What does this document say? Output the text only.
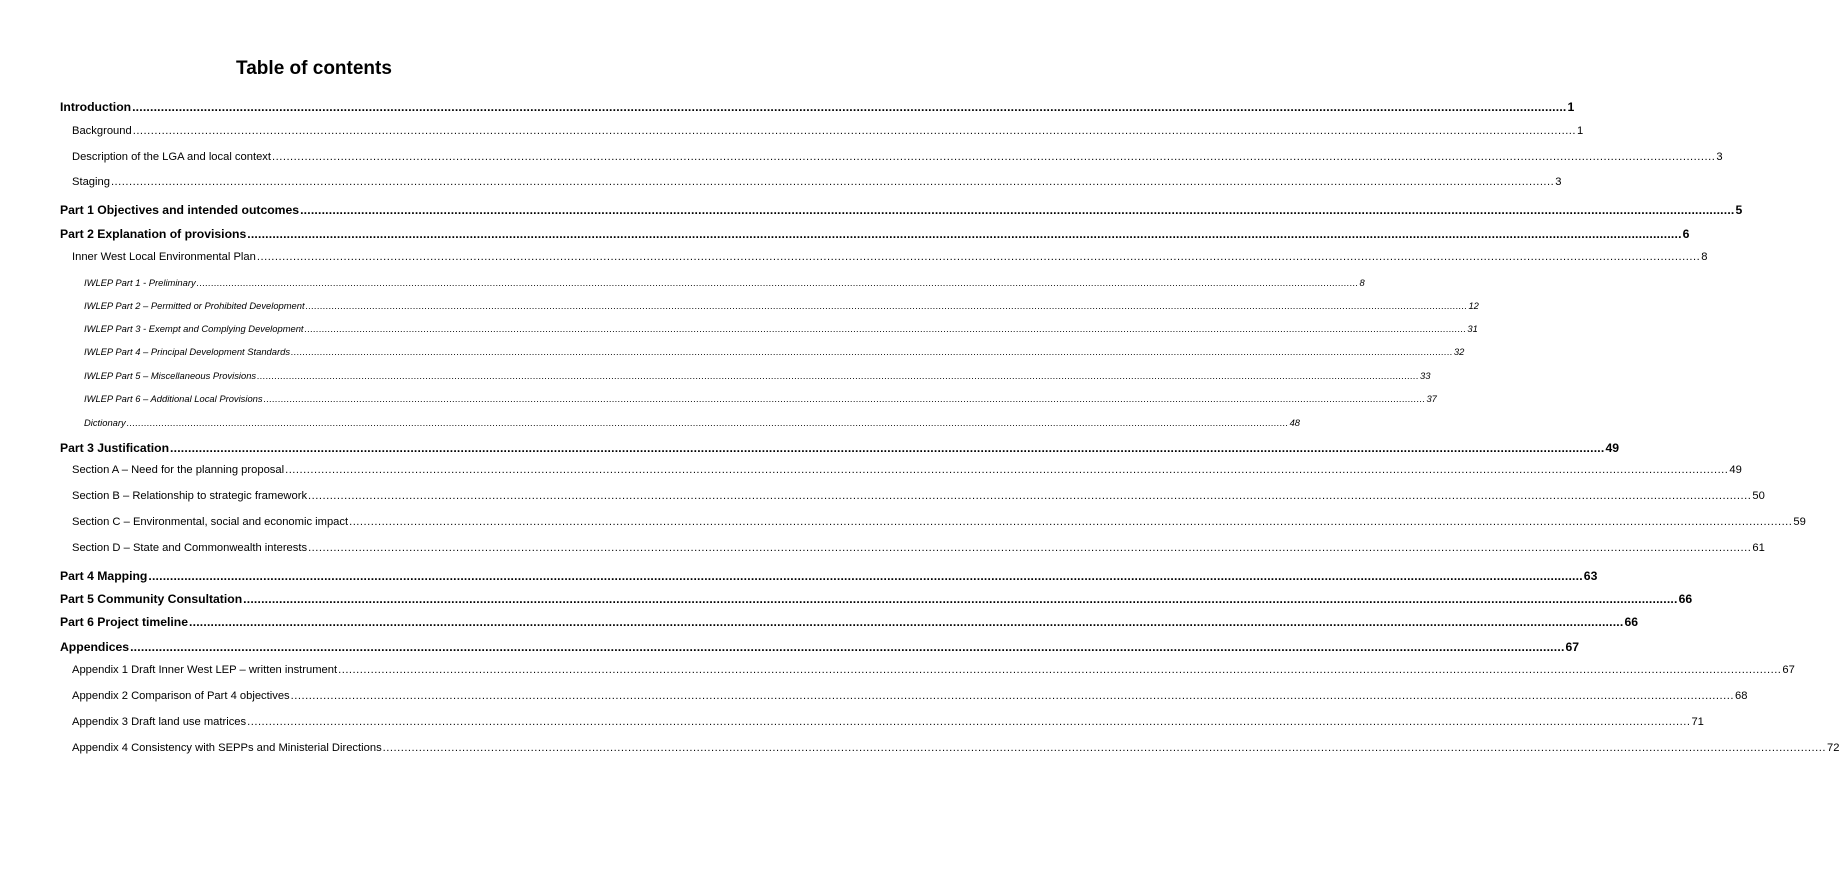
Table of contents
Introduction ................................................................................................................................................................................................................................................................................................................................................................................................................ 1
Background ................................................................................................................................................................................................................................................................................................................................................................................................................ 1
Description of the LGA and local context ................................................................................................................................................................................................................................................................................................................................................................................................................ 3
Staging ................................................................................................................................................................................................................................................................................................................................................................................................................ 3
Part 1 Objectives and intended outcomes ................................................................................................................................................................................................................................................................................................................................................................................................................ 5
Part 2 Explanation of provisions ................................................................................................................................................................................................................................................................................................................................................................................................................ 6
Inner West Local Environmental Plan ................................................................................................................................................................................................................................................................................................................................................................................................................ 8
IWLEP Part 1 - Preliminary ................................................................................................................................................................................................................................................................................................................................................................................................................ 8
IWLEP Part 2 – Permitted or Prohibited Development ................................................................................................................................................................................................................................................................................................................................................................................................................ 12
IWLEP Part 3 - Exempt and Complying Development ................................................................................................................................................................................................................................................................................................................................................................................................................ 31
IWLEP Part 4 – Principal Development Standards ................................................................................................................................................................................................................................................................................................................................................................................................................ 32
IWLEP Part 5 – Miscellaneous Provisions ................................................................................................................................................................................................................................................................................................................................................................................................................ 33
IWLEP Part 6 – Additional Local Provisions ................................................................................................................................................................................................................................................................................................................................................................................................................ 37
Dictionary ................................................................................................................................................................................................................................................................................................................................................................................................................ 48
Part 3 Justification ................................................................................................................................................................................................................................................................................................................................................................................................................ 49
Section A – Need for the planning proposal ................................................................................................................................................................................................................................................................................................................................................................................................................ 49
Section B – Relationship to strategic framework ................................................................................................................................................................................................................................................................................................................................................................................................................ 50
Section C – Environmental, social and economic impact ................................................................................................................................................................................................................................................................................................................................................................................................................ 59
Section D – State and Commonwealth interests ................................................................................................................................................................................................................................................................................................................................................................................................................ 61
Part 4 Mapping ................................................................................................................................................................................................................................................................................................................................................................................................................ 63
Part 5 Community Consultation ................................................................................................................................................................................................................................................................................................................................................................................................................ 66
Part 6 Project timeline ................................................................................................................................................................................................................................................................................................................................................................................................................ 66
Appendices ................................................................................................................................................................................................................................................................................................................................................................................................................ 67
Appendix 1 Draft Inner West LEP – written instrument ................................................................................................................................................................................................................................................................................................................................................................................................................ 67
Appendix 2 Comparison of Part 4 objectives ................................................................................................................................................................................................................................................................................................................................................................................................................ 68
Appendix 3 Draft land use matrices ................................................................................................................................................................................................................................................................................................................................................................................................................ 71
Appendix 4 Consistency with SEPPs and Ministerial Directions ................................................................................................................................................................................................................................................................................................................................................................................................................ 72
